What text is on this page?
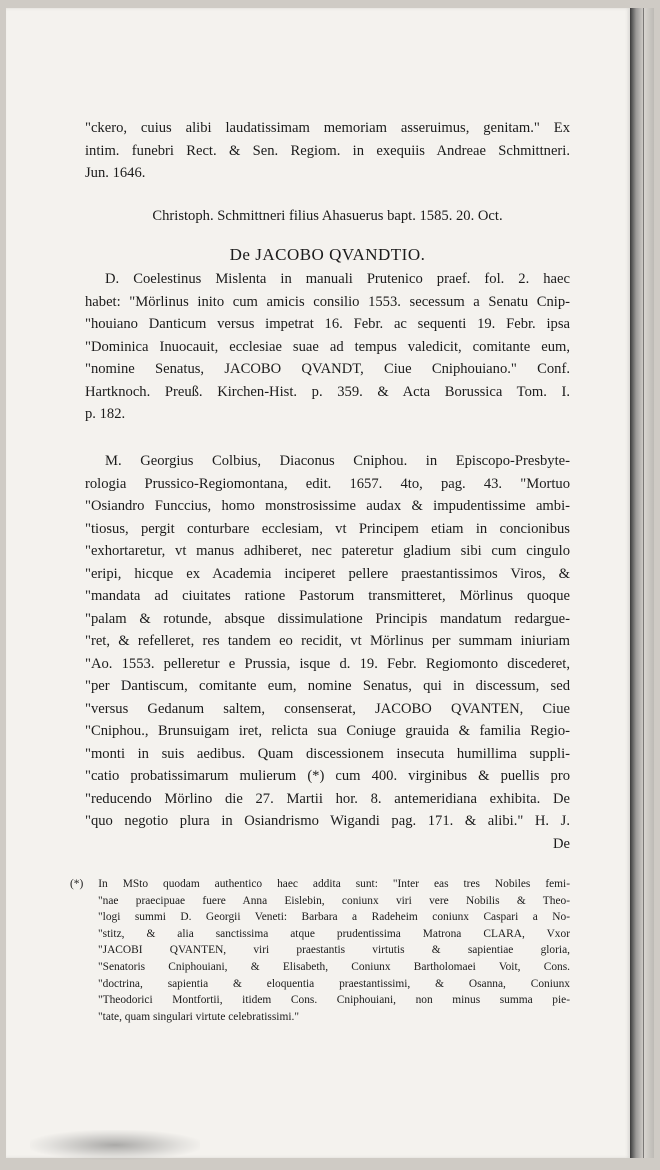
"ckero, cuius alibi laudatissimam memoriam asseruimus, genitam." Ex
intim. funebri Rect. & Sen. Regiom. in exequiis Andreae Schmittneri.
Jun. 1646.
Christoph. Schmittneri filius Ahasuerus bapt. 1585. 20. Oct.
De JACOBO QVANDTIO.
D. Coelestinus Mislenta in manuali Prutenico praef. fol. 2. haec
habet: "Mörlinus inito cum amicis consilio 1553. secessum a Senatu Cnip-
"houiano Danticum versus impetrat 16. Febr. ac sequenti 19. Febr. ipsa
"Dominica Inuocauit, ecclesiae suae ad tempus valedicit, comitante eum,
"nomine Senatus, JACOBO QVANDT, Ciue Cniphouiano." Conf.
Hartknoch. Preuß. Kirchen-Hist. p. 359. & Acta Borussica Tom. I.
p. 182.
M. Georgius Colbius, Diaconus Cniphou. in Episcopo-Presbyte-
rologia Prussico-Regiomontana, edit. 1657. 4to, pag. 43. "Mortuo
"Osiandro Funccius, homo monstrosissime audax & impudentissime ambi-
"tiosus, pergit conturbare ecclesiam, vt Principem etiam in concionibus
"exhortaretur, vt manus adhiberet, nec pateretur gladium sibi cum cingulo
"eripi, hicque ex Academia inciperet pellere praestantissimos Viros, &
"mandata ad ciuitates ratione Pastorum transmitteret, Mörlinus quoque
"palam & rotunde, absque dissimulatione Principis mandatum redargue-
"ret, & refelleret, res tandem eo recidit, vt Mörlinus per summam iniuriam
"Ao. 1553. pelleretur e Prussia, isque d. 19. Febr. Regiomonto discederet,
"per Dantiscum, comitante eum, nomine Senatus, qui in discessum, sed
"versus Gedanum saltem, consenserat, JACOBO QVANTEN, Ciue
"Cniphou., Brunsuigam iret, relicta sua Coniuge grauida & familia Regio-
"monti in suis aedibus. Quam discessionem insecuta humillima suppli-
"catio probatissimarum mulierum (*) cum 400. virginibus & puellis pro
"reducendo Mörlino die 27. Martii hor. 8. antemeridiana exhibita. De
"quo negotio plura in Osiandrismo Wigandi pag. 171. & alibi." H. J.
De
(*) In MSto quodam authentico haec addita sunt: "Inter eas tres Nobiles femi-
"nae praecipuae fuere Anna Eislebin, coniunx viri vere Nobilis & Theo-
"logi summi D. Georgii Veneti: Barbara a Radeheim coniunx Caspari a No-
"stitz, & alia sanctissima atque prudentissima Matrona CLARA, Vxor
"JACOBI QVANTEN, viri praestantis virtutis & sapientiae gloria,
"Senatoris Cniphouiani, & Elisabeth, Coniunx Bartholomaei Voit, Cons.
"doctrina, sapientia & eloquentia praestantissimi, & Osanna, Coniunx
"Theodorici Montfortii, itidem Cons. Cniphouiani, non minus summa pie-
"tate, quam singulari virtute celebratissimi."
